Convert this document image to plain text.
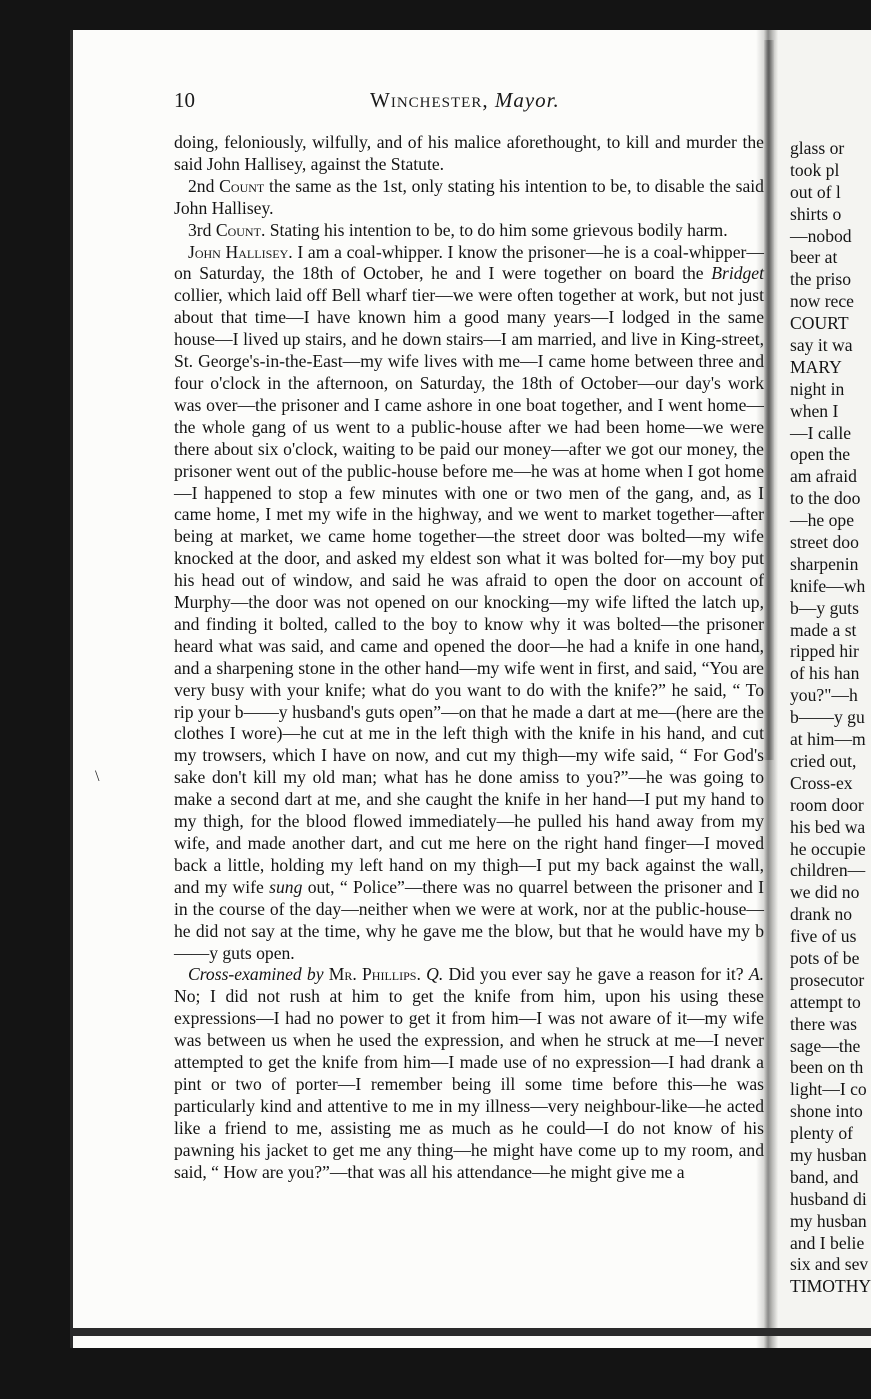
10	Winchester, Mayor.

doing, feloniously, wilfully, and of his malice aforethought, to kill and murder the said John Hallisey, against the Statute.

2nd Count the same as the 1st, only stating his intention to be, to disable the said John Hallisey.

3rd Count. Stating his intention to be, to do him some grievous bodily harm.

John Hallisey. I am a coal-whipper. I know the prisoner—he is a coal-whipper—on Saturday, the 18th of October, he and I were together on board the Bridget collier, which laid off Bell wharf tier—we were often together at work, but not just about that time—I have known him a good many years—I lodged in the same house—I lived up stairs, and he down stairs—I am married, and live in King-street, St. George's-in-the-East—my wife lives with me—I came home between three and four o'clock in the afternoon, on Saturday, the 18th of October—our day's work was over—the prisoner and I came ashore in one boat together, and I went home—the whole gang of us went to a public-house after we had been home—we were there about six o'clock, waiting to be paid our money—after we got our money, the prisoner went out of the public-house before me—he was at home when I got home—I happened to stop a few minutes with one or two men of the gang, and, as I came home, I met my wife in the highway, and we went to market together—after being at market, we came home together—the street door was bolted—my wife knocked at the door, and asked my eldest son what it was bolted for—my boy put his head out of window, and said he was afraid to open the door on account of Murphy—the door was not opened on our knocking—my wife lifted the latch up, and finding it bolted, called to the boy to know why it was bolted—the prisoner heard what was said, and came and opened the door—he had a knife in one hand, and a sharpening stone in the other hand—my wife went in first, and said, “You are very busy with your knife; what do you want to do with the knife?” he said, “ To rip your b——y husband's guts open”—on that he made a dart at me—(here are the clothes I wore)—he cut at me in the left thigh with the knife in his hand, and cut my trowsers, which I have on now, and cut my thigh—my wife said, “ For God's sake don't kill my old man; what has he done amiss to you?”—he was going to make a second dart at me, and she caught the knife in her hand—I put my hand to my thigh, for the blood flowed immediately—he pulled his hand away from my wife, and made another dart, and cut me here on the right hand finger—I moved back a little, holding my left hand on my thigh—I put my back against the wall, and my wife sung out, “ Police”—there was no quarrel between the prisoner and I in the course of the day—neither when we were at work, nor at the public-house—he did not say at the time, why he gave me the blow, but that he would have my b——y guts open.

Cross-examined by Mr. Phillips. Q. Did you ever say he gave a reason for it? A. No; I did not rush at him to get the knife from him, upon his using these expressions—I had no power to get it from him—I was not aware of it—my wife was between us when he used the expression, and when he struck at me—I never attempted to get the knife from him—I made use of no expression—I had drank a pint or two of porter—I remember being ill some time before this—he was particularly kind and attentive to me in my illness—very neighbour-like—he acted like a friend to me, assisting me as much as he could—I do not know of his pawning his jacket to get me any thing—he might have come up to my room, and said, “ How are you?”—that was all his attendance—he might give me a

glass or
took pl
out of l
shirts o
—nobod
beer at
the priso
now rece
COURT
say it wa
MARY
night in
when I
—I calle
open the
am afraid
to the doo
—he ope
street doo
sharpenin
knife—wh
b—y guts
made a st
ripped hir
of his han
you?"—h
b——y gu
at him—m
cried out,
Cross-ex
room door
his bed wa
he occupie
children—
we did no
drank no
five of us
pots of be
prosecutor
attempt to
there was
sage—the
been on th
light—I co
shone into
plenty of
my husban
band, and
husband di
my husban
and I belie
six and sev
TIMOTHY
\
